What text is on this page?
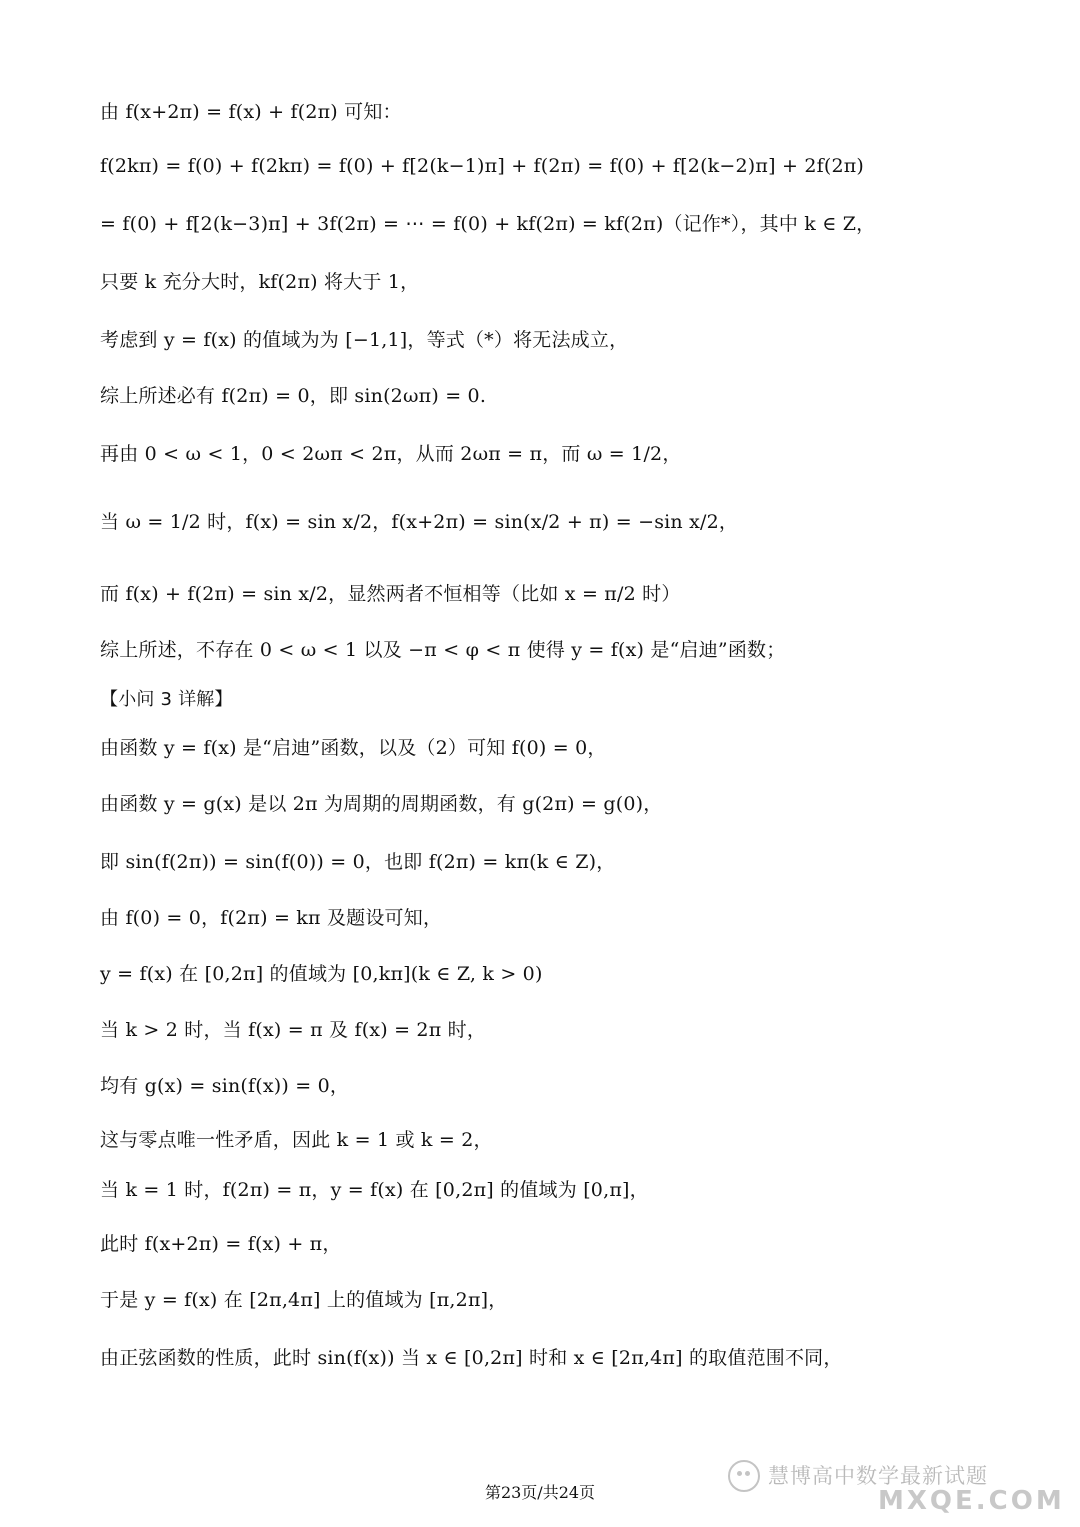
由 f(x+2π) = f(x) + f(2π) 可知：
f(2kπ) = f(0) + f(2kπ) = f(0) + f[2(k−1)π] + f(2π) = f(0) + f[2(k−2)π] + 2f(2π)
= f(0) + f[2(k−3)π] + 3f(2π) = ⋯ = f(0) + kf(2π) = kf(2π)（记作*），其中 k ∈ Z，
只要 k 充分大时，kf(2π) 将大于 1，
考虑到 y = f(x) 的值域为为 [−1,1]，等式（*）将无法成立，
综上所述必有 f(2π) = 0，即 sin(2ωπ) = 0.
再由 0 < ω < 1，0 < 2ωπ < 2π，从而 2ωπ = π，而 ω = 1/2，
当 ω = 1/2 时，f(x) = sin x/2，f(x+2π) = sin(x/2 + π) = −sin x/2，
而 f(x) + f(2π) = sin x/2，显然两者不恒相等（比如 x = π/2 时）
综上所述，不存在 0 < ω < 1 以及 −π < φ < π 使得 y = f(x) 是“启迪”函数；
【小问 3 详解】
由函数 y = f(x) 是“启迪”函数，以及（2）可知 f(0) = 0，
由函数 y = g(x) 是以 2π 为周期的周期函数，有 g(2π) = g(0)，
即 sin(f(2π)) = sin(f(0)) = 0，也即 f(2π) = kπ(k ∈ Z)，
由 f(0) = 0，f(2π) = kπ 及题设可知，
y = f(x) 在 [0,2π] 的值域为 [0,kπ](k ∈ Z, k > 0)
当 k > 2 时，当 f(x) = π 及 f(x) = 2π 时，
均有 g(x) = sin(f(x)) = 0，
这与零点唯一性矛盾，因此 k = 1 或 k = 2，
当 k = 1 时，f(2π) = π，y = f(x) 在 [0,2π] 的值域为 [0,π]，
此时 f(x+2π) = f(x) + π，
于是 y = f(x) 在 [2π,4π] 上的值域为 [π,2π]，
由正弦函数的性质，此时 sin(f(x)) 当 x ∈ [0,2π] 时和 x ∈ [2π,4π] 的取值范围不同，
第23页/共24页
慧博高中数学最新试题
MXQE.COM
